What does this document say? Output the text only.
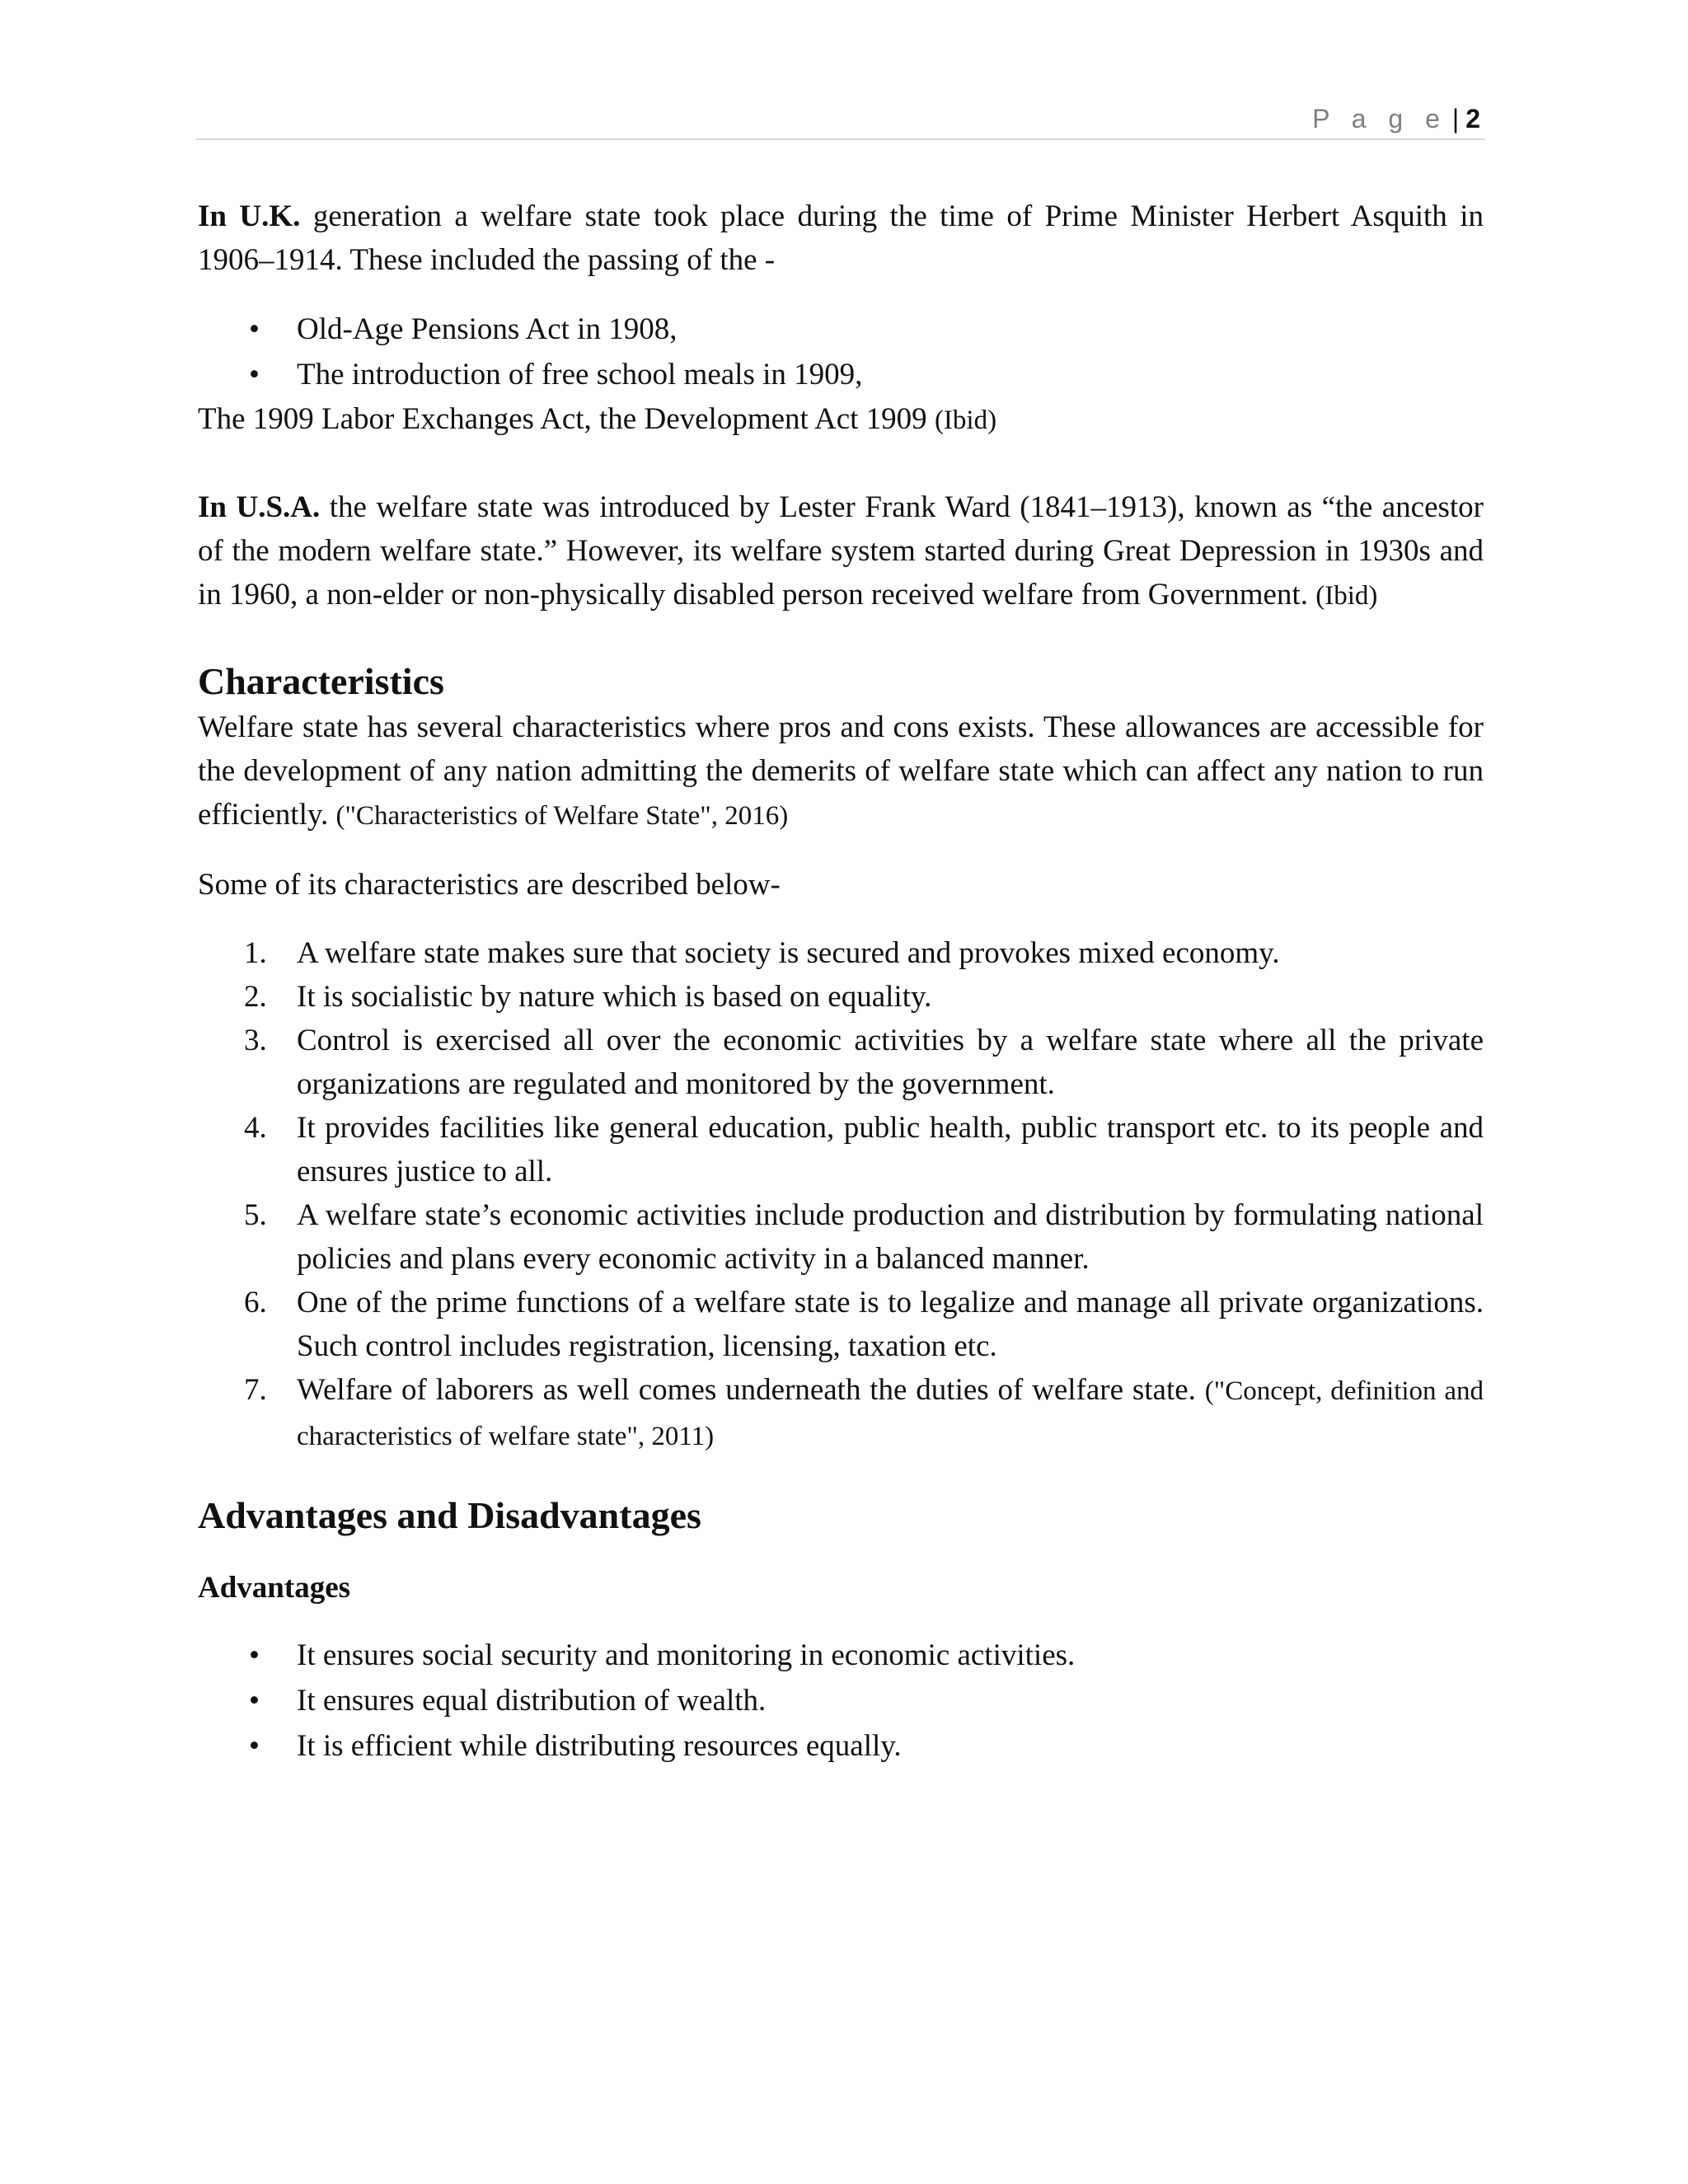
P a g e | 2

In U.K. generation a welfare state took place during the time of Prime Minister Herbert Asquith in 1906–1914. These included the passing of the -

• Old-Age Pensions Act in 1908,
• The introduction of free school meals in 1909,

The 1909 Labor Exchanges Act, the Development Act 1909 (Ibid)

In U.S.A. the welfare state was introduced by Lester Frank Ward (1841–1913), known as “the ancestor of the modern welfare state.” However, its welfare system started during Great Depression in 1930s and in 1960, a non-elder or non-physically disabled person received welfare from Government. (Ibid)

Characteristics

Welfare state has several characteristics where pros and cons exists. These allowances are accessible for the development of any nation admitting the demerits of welfare state which can affect any nation to run efficiently. ("Characteristics of Welfare State", 2016)

Some of its characteristics are described below-

1. A welfare state makes sure that society is secured and provokes mixed economy.
2. It is socialistic by nature which is based on equality.
3. Control is exercised all over the economic activities by a welfare state where all the private organizations are regulated and monitored by the government.
4. It provides facilities like general education, public health, public transport etc. to its people and ensures justice to all.
5. A welfare state’s economic activities include production and distribution by formulating national policies and plans every economic activity in a balanced manner.
6. One of the prime functions of a welfare state is to legalize and manage all private organizations. Such control includes registration, licensing, taxation etc.
7. Welfare of laborers as well comes underneath the duties of welfare state. ("Concept, definition and characteristics of welfare state", 2011)
Advantages and Disadvantages
Advantages
• It ensures social security and monitoring in economic activities.
• It ensures equal distribution of wealth.
• It is efficient while distributing resources equally.
